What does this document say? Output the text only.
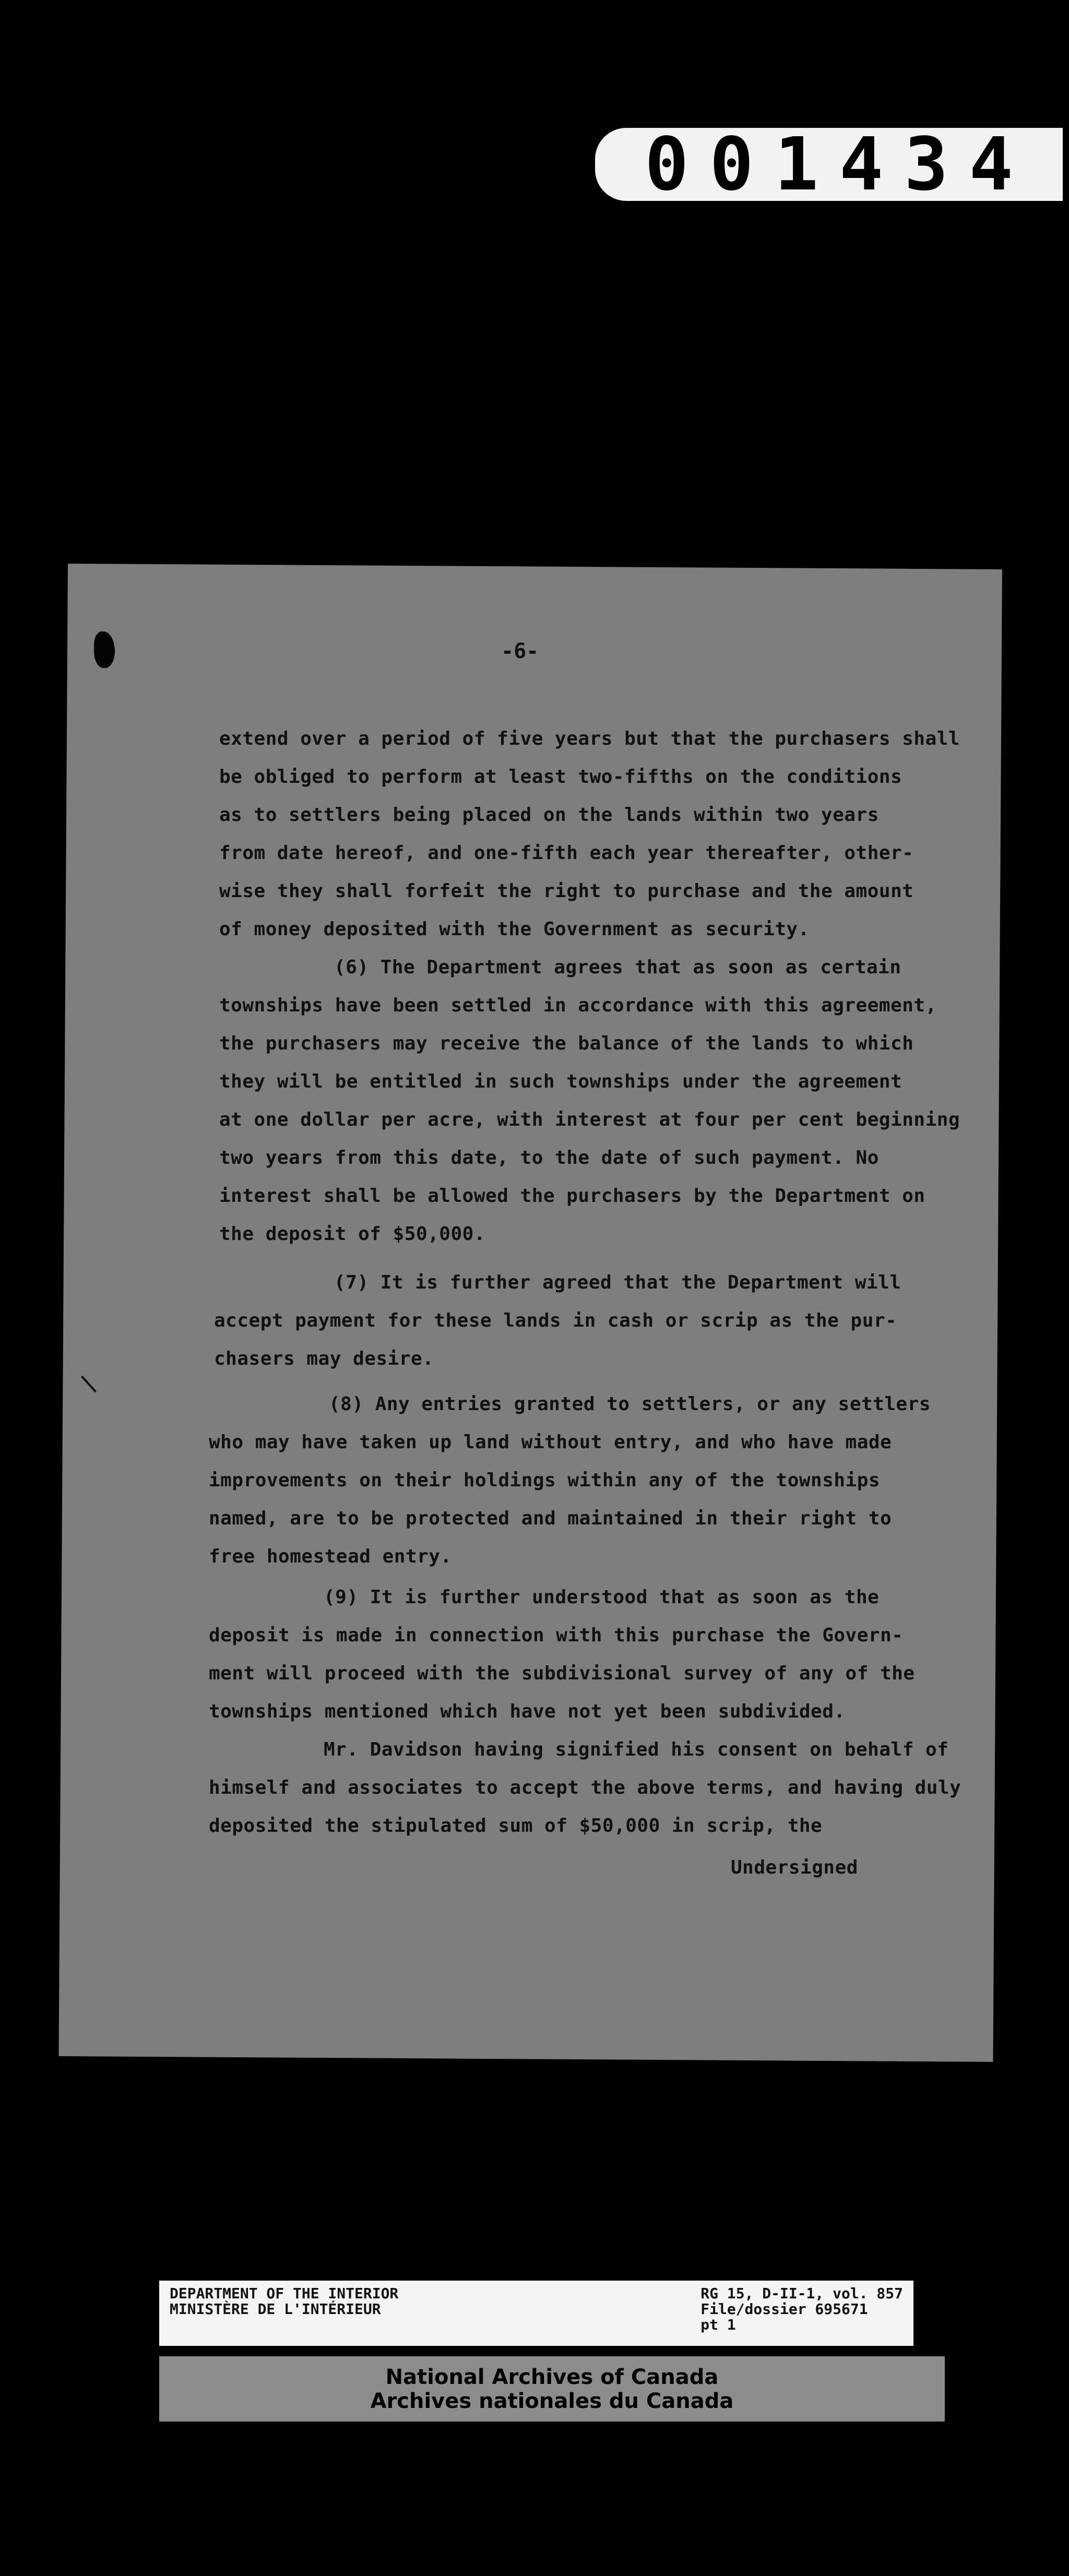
001434
-6-
extend over a period of five years but that the purchasers shall
be obliged to perform at least two-fifths on the conditions
as to settlers being placed on the lands within two years
from date hereof, and one-fifth each year thereafter, other-
wise they shall forfeit the right to purchase and the amount
of money deposited with the Government as security.
(6) The Department agrees that as soon as certain
townships have been settled in accordance with this agreement,
the purchasers may receive the balance of the lands to which
they will be entitled in such townships under the agreement
at one dollar per acre, with interest at four per cent beginning
two years from this date, to the date of such payment. No
interest shall be allowed the purchasers by the Department on
the deposit of $50,000.
(7) It is further agreed that the Department will
accept payment for these lands in cash or scrip as the pur-
chasers may desire.
(8) Any entries granted to settlers, or any settlers
who may have taken up land without entry, and who have made
improvements on their holdings within any of the townships
named, are to be protected and maintained in their right to
free homestead entry.
(9) It is further understood that as soon as the
deposit is made in connection with this purchase the Govern-
ment will proceed with the subdivisional survey of any of the
townships mentioned which have not yet been subdivided.
Mr. Davidson having signified his consent on behalf of
himself and associates to accept the above terms, and having duly
deposited the stipulated sum of $50,000 in scrip, the
Undersigned
DEPARTMENT OF THE INTERIOR
MINISTÈRE DE L'INTÉRIEUR
RG 15, D-II-1, vol. 857
File/dossier 695671
pt 1
National Archives of Canada
Archives nationales du Canada
